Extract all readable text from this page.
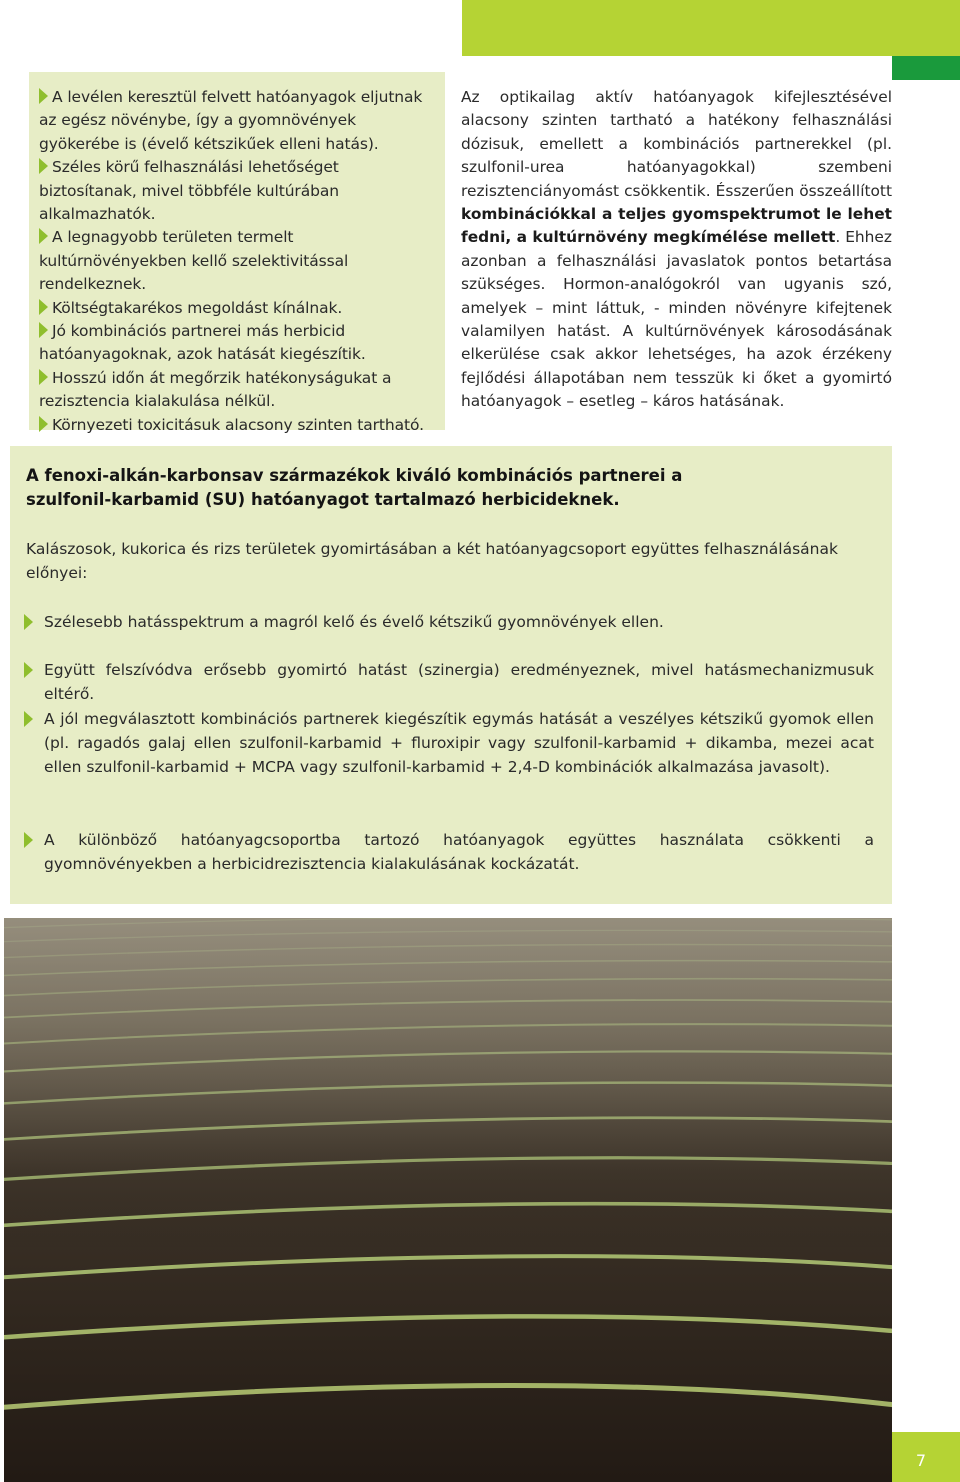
A levélen keresztül felvett hatóanyagok eljutnak az egész növénybe, így a gyomnövények gyökerébe is (évelő kétszikűek elleni hatás).
Széles körű felhasználási lehetőséget biztosítanak, mivel többféle kultúrában alkalmazhatók.
A legnagyobb területen termelt kultúrnövényekben kellő szelektivitással rendelkeznek.
Költségtakarékos megoldást kínálnak.
Jó kombinációs partnerei más herbicid hatóanyagoknak, azok hatását kiegészítik.
Hosszú időn át megőrzik hatékonyságukat a rezisztencia kialakulása nélkül.
Környezeti toxicitásuk alacsony szinten tartható.
Az optikailag aktív hatóanyagok kifejlesztésével alacsony szinten tartható a hatékony felhasználási dózisuk, emellett a kombinációs partnerekkel (pl. szulfonil-urea hatóanyagokkal) szembeni rezisztenciányomást csökkentik. Ésszerűen összeállított kombinációkkal a teljes gyomspektrumot le lehet fedni, a kultúrnövény megkímélése mellett. Ehhez azonban a felhasználási javaslatok pontos betartása szükséges. Hormon-analógokról van ugyanis szó, amelyek – mint láttuk, - minden növényre kifejtenek valamilyen hatást. A kultúrnövények károsodásának elkerülése csak akkor lehetséges, ha azok érzékeny fejlődési állapotában nem tesszük ki őket a gyomirtó hatóanyagok – esetleg – káros hatásának.
A fenoxi-alkán-karbonsav származékok kiváló kombinációs partnerei a szulfonil-karbamid (SU) hatóanyagot tartalmazó herbicideknek.

Kalászosok, kukorica és rizs területek gyomirtásában a két hatóanyagcsoport együttes felhasználásának előnyei:

Szélesebb hatásspektrum a magról kelő és évelő kétszikű gyomnövények ellen.
Együtt felszívódva erősebb gyomirtó hatást (szinergia) eredményeznek, mivel hatásmechanizmusuk eltérő.
A jól megválasztott kombinációs partnerek kiegészítik egymás hatását a veszélyes kétszikű gyomok ellen (pl. ragadós galaj ellen szulfonil-karbamid + fluroxipir vagy szulfonil-karbamid + dikamba, mezei acat ellen szulfonil-karbamid + MCPA vagy szulfonil-karbamid + 2,4-D kombinációk alkalmazása javasolt).
A különböző hatóanyagcsoportba tartozó hatóanyagok együttes használata csökkenti a gyomnövényekben a herbicidrezisztencia kialakulásának kockázatát.
7
